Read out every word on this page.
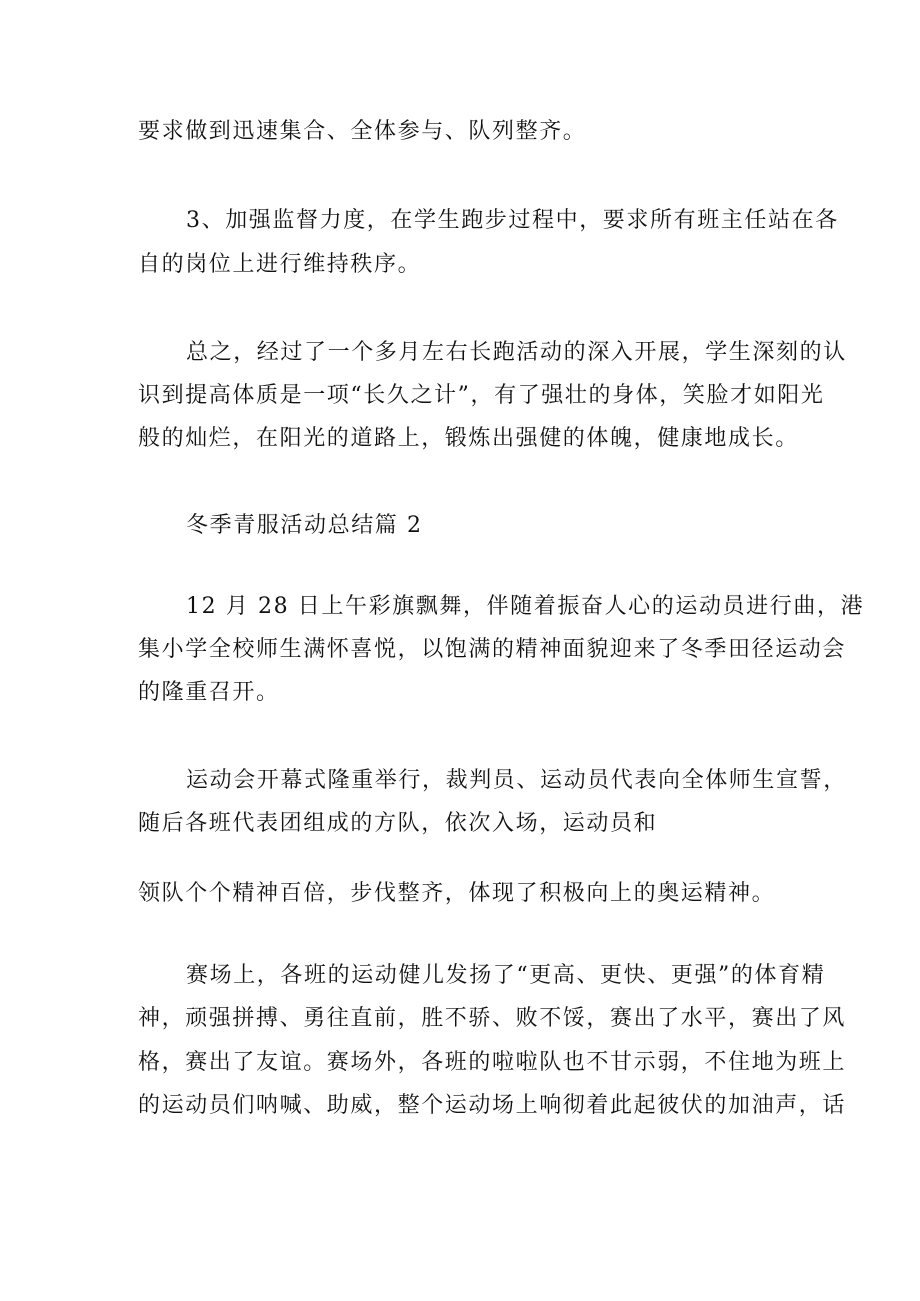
要求做到迅速集合、全体参与、队列整齐。
3、加强监督力度，在学生跑步过程中，要求所有班主任站在各
自的岗位上进行维持秩序。
总之，经过了一个多月左右长跑活动的深入开展，学生深刻的认
识到提高体质是一项“长久之计”，有了强壮的身体，笑脸才如阳光
般的灿烂，在阳光的道路上，锻炼出强健的体魄，健康地成长。
冬季青服活动总结篇 2
12 月 28 日上午彩旗飘舞，伴随着振奋人心的运动员进行曲，港
集小学全校师生满怀喜悦，以饱满的精神面貌迎来了冬季田径运动会
的隆重召开。
运动会开幕式隆重举行，裁判员、运动员代表向全体师生宣誓，
随后各班代表团组成的方队，依次入场，运动员和
领队个个精神百倍，步伐整齐，体现了积极向上的奥运精神。
赛场上，各班的运动健儿发扬了“更高、更快、更强”的体育精
神，顽强拼搏、勇往直前，胜不骄、败不馁，赛出了水平，赛出了风
格，赛出了友谊。赛场外，各班的啦啦队也不甘示弱，不住地为班上
的运动员们呐喊、助威，整个运动场上响彻着此起彼伏的加油声，话
